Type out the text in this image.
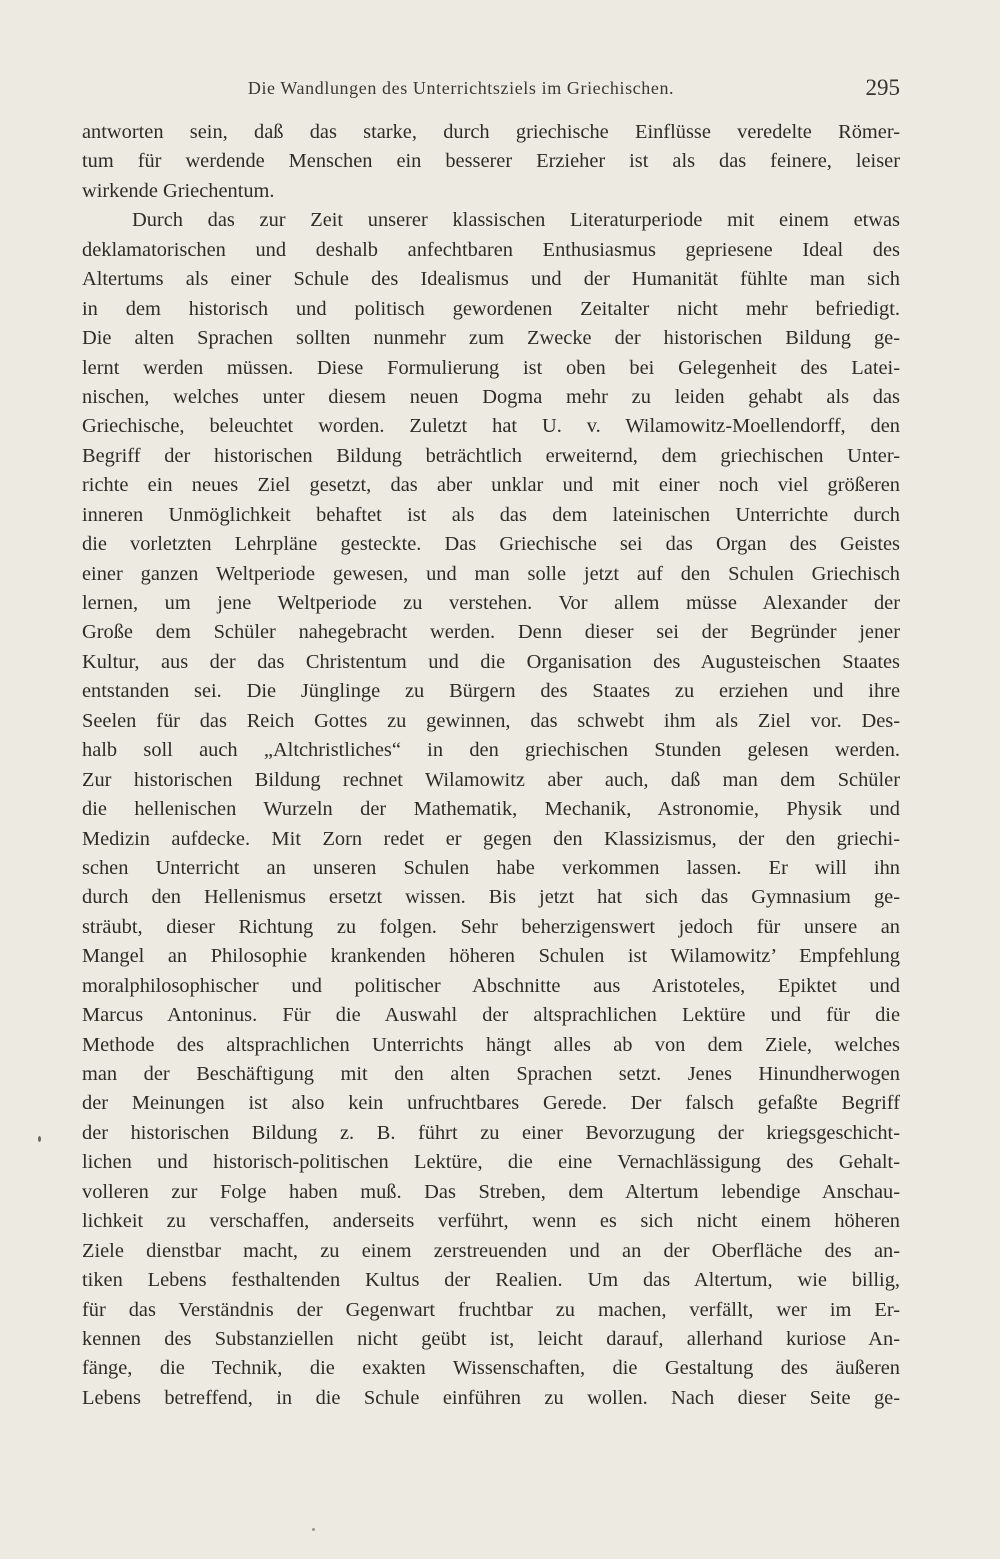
Die Wandlungen des Unterrichtsziels im Griechischen.	295
antworten sein, daß das starke, durch griechische Einflüsse veredelte Römer-
tum für werdende Menschen ein besserer Erzieher ist als das feinere, leiser
wirkende Griechentum.
Durch das zur Zeit unserer klassischen Literaturperiode mit einem etwas
deklamatorischen und deshalb anfechtbaren Enthusiasmus gepriesene Ideal des
Altertums als einer Schule des Idealismus und der Humanität fühlte man sich
in dem historisch und politisch gewordenen Zeitalter nicht mehr befriedigt.
Die alten Sprachen sollten nunmehr zum Zwecke der historischen Bildung ge-
lernt werden müssen. Diese Formulierung ist oben bei Gelegenheit des Latei-
nischen, welches unter diesem neuen Dogma mehr zu leiden gehabt als das
Griechische, beleuchtet worden. Zuletzt hat U. v. Wilamowitz-Moellendorff, den
Begriff der historischen Bildung beträchtlich erweiternd, dem griechischen Unter-
richte ein neues Ziel gesetzt, das aber unklar und mit einer noch viel größeren
inneren Unmöglichkeit behaftet ist als das dem lateinischen Unterrichte durch
die vorletzten Lehrpläne gesteckte. Das Griechische sei das Organ des Geistes
einer ganzen Weltperiode gewesen, und man solle jetzt auf den Schulen Griechisch
lernen, um jene Weltperiode zu verstehen. Vor allem müsse Alexander der
Große dem Schüler nahegebracht werden. Denn dieser sei der Begründer jener
Kultur, aus der das Christentum und die Organisation des Augusteischen Staates
entstanden sei. Die Jünglinge zu Bürgern des Staates zu erziehen und ihre
Seelen für das Reich Gottes zu gewinnen, das schwebt ihm als Ziel vor. Des-
halb soll auch „Altchristliches“ in den griechischen Stunden gelesen werden.
Zur historischen Bildung rechnet Wilamowitz aber auch, daß man dem Schüler
die hellenischen Wurzeln der Mathematik, Mechanik, Astronomie, Physik und
Medizin aufdecke. Mit Zorn redet er gegen den Klassizismus, der den griechi-
schen Unterricht an unseren Schulen habe verkommen lassen. Er will ihn
durch den Hellenismus ersetzt wissen. Bis jetzt hat sich das Gymnasium ge-
sträubt, dieser Richtung zu folgen. Sehr beherzigenswert jedoch für unsere an
Mangel an Philosophie krankenden höheren Schulen ist Wilamowitz’ Empfehlung
moralphilosophischer und politischer Abschnitte aus Aristoteles, Epiktet und
Marcus Antoninus. Für die Auswahl der altsprachlichen Lektüre und für die
Methode des altsprachlichen Unterrichts hängt alles ab von dem Ziele, welches
man der Beschäftigung mit den alten Sprachen setzt. Jenes Hinundherwogen
der Meinungen ist also kein unfruchtbares Gerede. Der falsch gefaßte Begriff
der historischen Bildung z. B. führt zu einer Bevorzugung der kriegsgeschicht-
lichen und historisch-politischen Lektüre, die eine Vernachlässigung des Gehalt-
volleren zur Folge haben muß. Das Streben, dem Altertum lebendige Anschau-
lichkeit zu verschaffen, anderseits verführt, wenn es sich nicht einem höheren
Ziele dienstbar macht, zu einem zerstreuenden und an der Oberfläche des an-
tiken Lebens festhaltenden Kultus der Realien. Um das Altertum, wie billig,
für das Verständnis der Gegenwart fruchtbar zu machen, verfällt, wer im Er-
kennen des Substanziellen nicht geübt ist, leicht darauf, allerhand kuriose An-
fänge, die Technik, die exakten Wissenschaften, die Gestaltung des äußeren
Lebens betreffend, in die Schule einführen zu wollen. Nach dieser Seite ge-
